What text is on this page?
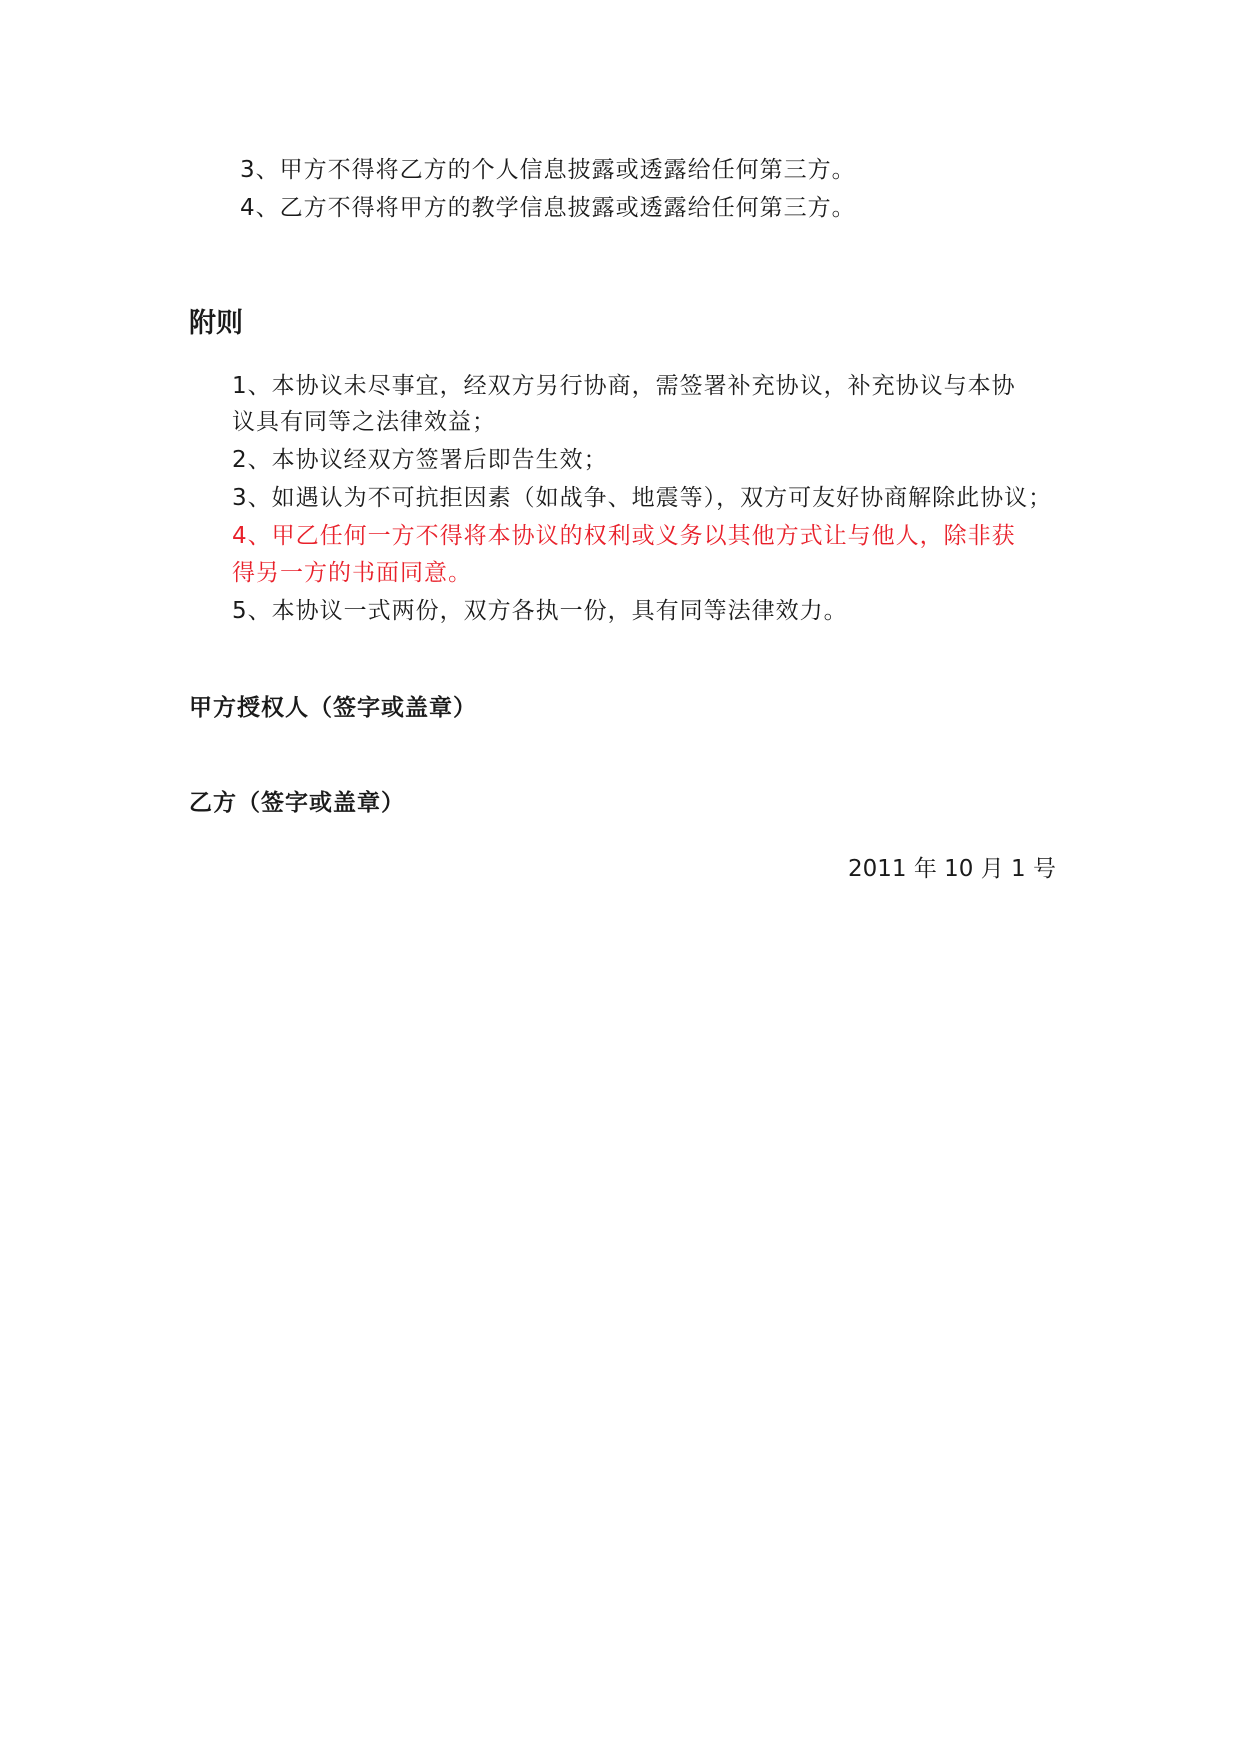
3、甲方不得将乙方的个人信息披露或透露给任何第三方。
4、乙方不得将甲方的教学信息披露或透露给任何第三方。
附则
1、本协议未尽事宜，经双方另行协商，需签署补充协议，补充协议与本协
议具有同等之法律效益；
2、本协议经双方签署后即告生效；
3、如遇认为不可抗拒因素（如战争、地震等），双方可友好协商解除此协议；
4、甲乙任何一方不得将本协议的权利或义务以其他方式让与他人，除非获
得另一方的书面同意。
5、本协议一式两份，双方各执一份，具有同等法律效力。
甲方授权人（签字或盖章）
乙方（签字或盖章）
2011 年 10 月 1 号
